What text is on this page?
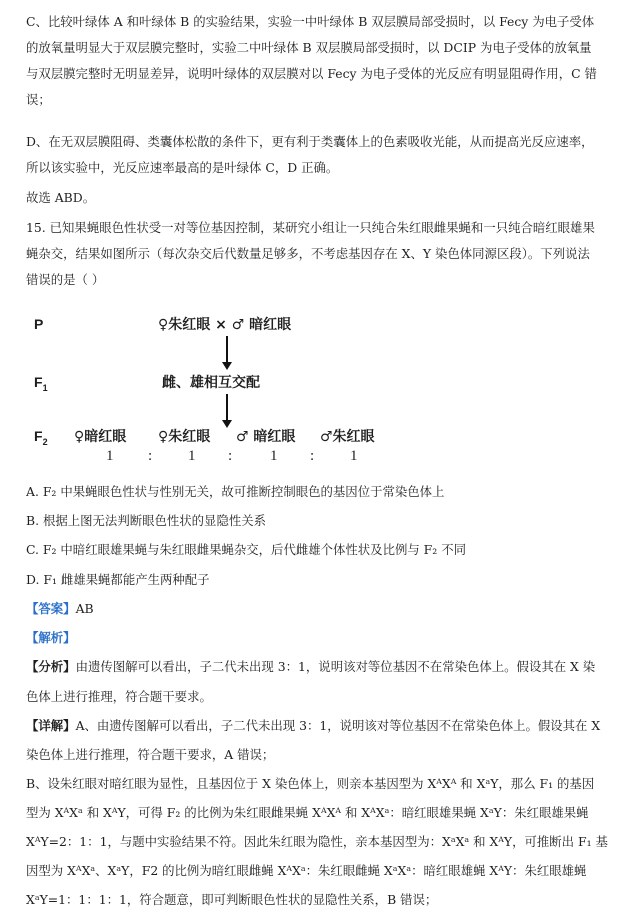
C、比较叶绿体 A 和叶绿体 B 的实验结果，实验一中叶绿体 B 双层膜局部受损时，以 Fecy 为电子受体
的放氧量明显大于双层膜完整时，实验二中叶绿体 B 双层膜局部受损时，以 DCIP 为电子受体的放氧量
与双层膜完整时无明显差异，说明叶绿体的双层膜对以 Fecy 为电子受体的光反应有明显阻碍作用，C 错
误；
D、在无双层膜阻碍、类囊体松散的条件下，更有利于类囊体上的色素吸收光能，从而提高光反应速率，
所以该实验中，光反应速率最高的是叶绿体 C，D 正确。
故选 ABD。
15. 已知果蝇眼色性状受一对等位基因控制，某研究小组让一只纯合朱红眼雌果蝇和一只纯合暗红眼雄果
蝇杂交，结果如图所示（每次杂交后代数量足够多，不考虑基因存在 X、Y 染色体同源区段）。下列说法
错误的是（ ）
P	♀朱红眼 × ♂ 暗红眼
$F_1$	雌、雄相互交配
$F_2$ ♀暗红眼 ♀朱红眼 ♂ 暗红眼 ♂朱红眼
1 : 1 :	1 : 1
A. F₂ 中果蝇眼色性状与性别无关，故可推断控制眼色的基因位于常染色体上
B. 根据上图无法判断眼色性状的显隐性关系
C. F₂ 中暗红眼雄果蝇与朱红眼雌果蝇杂交，后代雌雄个体性状及比例与 F₂ 不同
D. F₁ 雌雄果蝇都能产生两种配子
【答案】AB
【解析】
【分析】由遗传图解可以看出，子二代未出现 3：1，说明该对等位基因不在常染色体上。假设其在 X 染
色体上进行推理，符合题干要求。
【详解】A、由遗传图解可以看出，子二代未出现 3：1，说明该对等位基因不在常染色体上。假设其在 X
染色体上进行推理，符合题干要求，A 错误；
B、设朱红眼对暗红眼为显性，且基因位于 X 染色体上，则亲本基因型为 XᴬXᴬ 和 XᵃY，那么 F₁ 的基因
型为 XᴬXᵃ 和 XᴬY，可得 F₂ 的比例为朱红眼雌果蝇 XᴬXᴬ 和 XᴬXᵃ：暗红眼雄果蝇 XᵃY：朱红眼雄果蝇
XᴬY=2：1：1，与题中实验结果不符。因此朱红眼为隐性，亲本基因型为：XᵃXᵃ 和 XᴬY，可推断出 F₁ 基
因型为 XᴬXᵃ、XᵃY，F2 的比例为暗红眼雌蝇 XᴬXᵃ：朱红眼雌蝇 XᵃXᵃ：暗红眼雄蝇 XᴬY：朱红眼雄蝇
XᵃY=1：1：1：1，符合题意，即可判断眼色性状的显隐性关系，B 错误；
